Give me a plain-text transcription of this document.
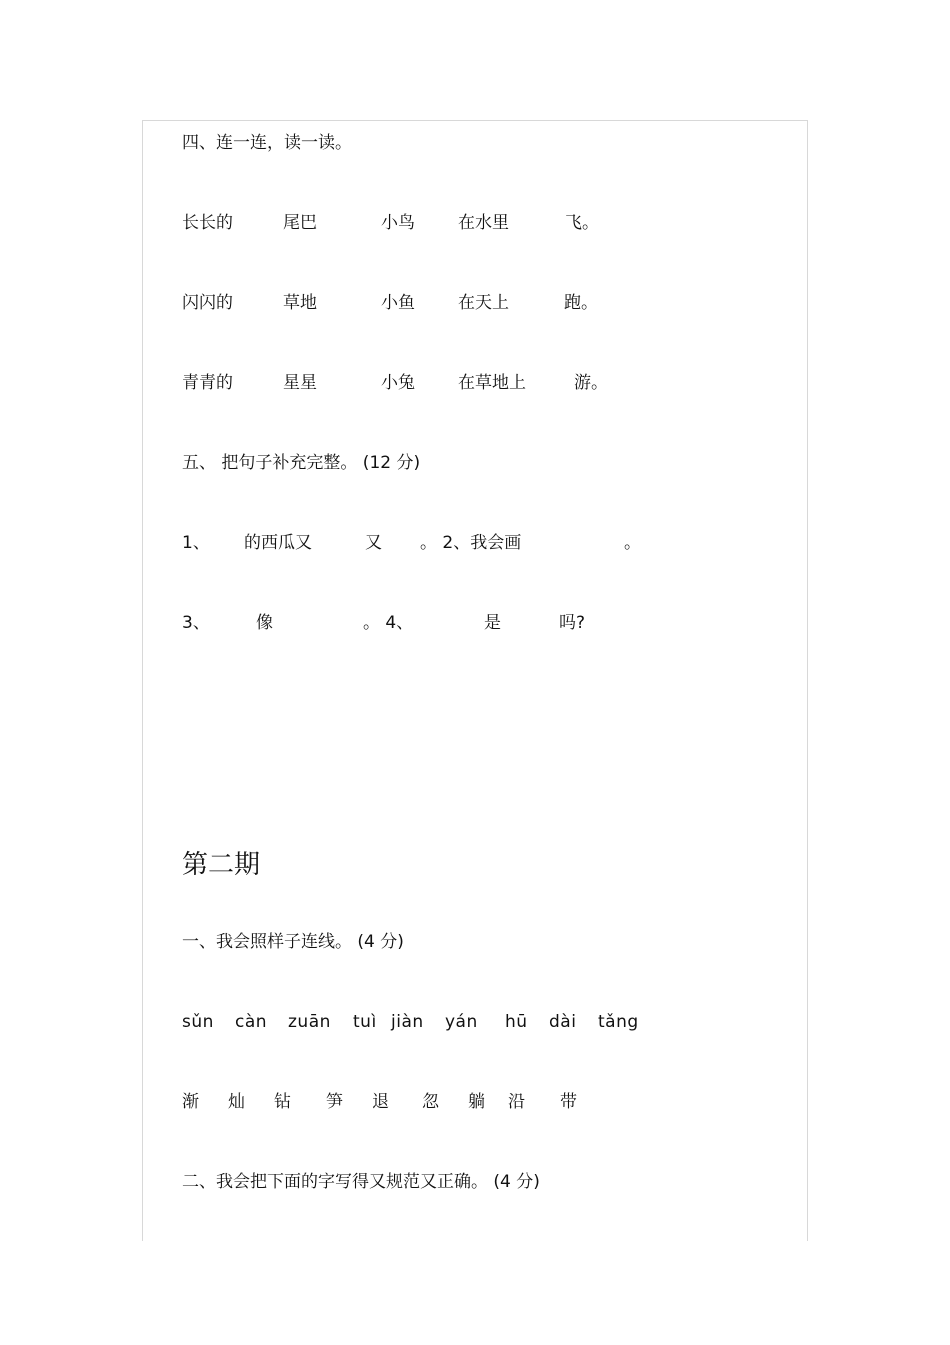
四、连一连，读一读。
长长的	尾巴	小鸟	在水里	飞。
闪闪的	草地	小鱼	在天上	跑。
青青的	星星	小兔	在草地上	游。
五、 把句子补充完整。 (12 分)
1、 的西瓜又	又 。 2、我会画	。
3、	像	。 4、	是	吗?
第二期
一、我会照样子连线。 (4 分)
sǔn càn zuān tuì jiàn yán hū dài tǎng
渐 灿 钻 笋 退 忽 躺 沿 带
二、我会把下面的字写得又规范又正确。 (4 分)
